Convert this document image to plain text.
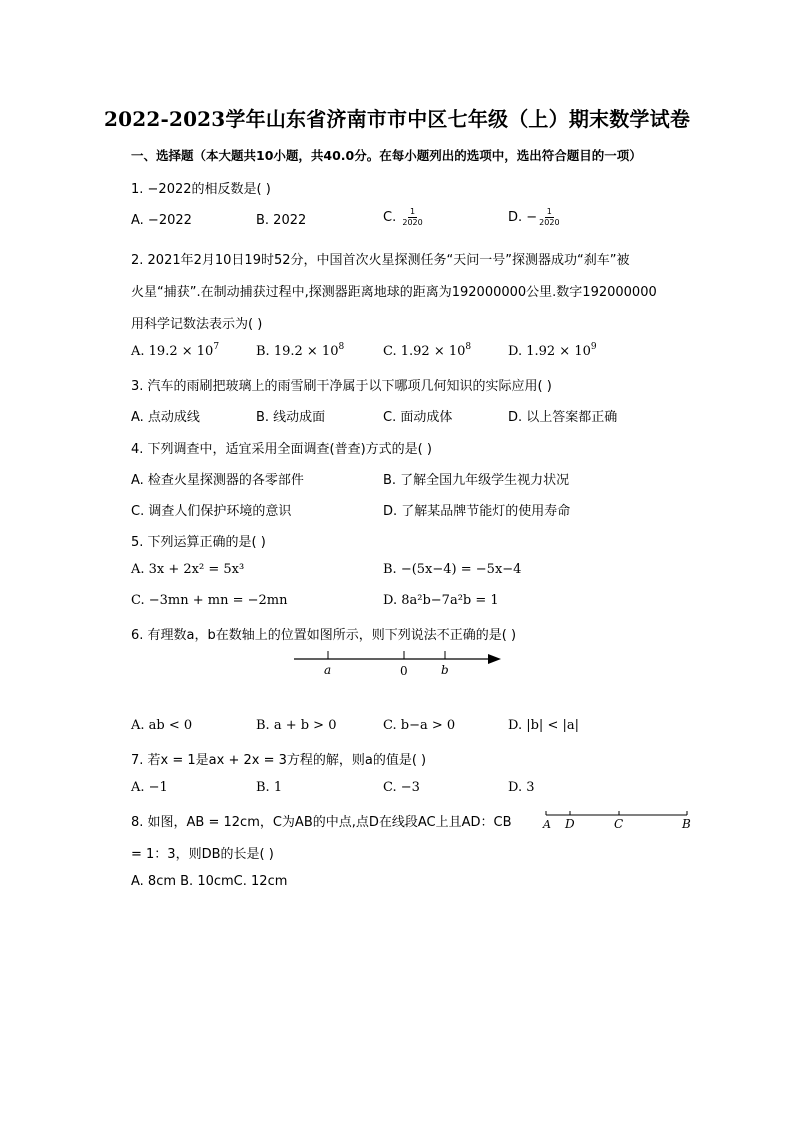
2022-2023学年山东省济南市市中区七年级（上）期末数学试卷
一、选择题（本大题共10小题，共40.0分。在每小题列出的选项中，选出符合题目的一项）
1. −2022的相反数是( )
A. −2022	B. 2022	C. $\frac{1}{2020}$	D. − $\frac{1}{2020}$
2. 2021年2月10日19时52分，中国首次火星探测任务“天问一号”探测器成功“刹车”被
火星“捕获”.在制动捕获过程中,探测器距离地球的距离为192000000公里.数字192000000
用科学记数法表示为( )
A. $19.2 \times 10^7$	B. $19.2 \times 10^8$	C. $1.92 \times 10^8$	D. $1.92 \times 10^9$
3. 汽车的雨刷把玻璃上的雨雪刷干净属于以下哪项几何知识的实际应用( )
A. 点动成线	B. 线动成面	C. 面动成体	D. 以上答案都正确
4. 下列调查中，适宜采用全面调查(普查)方式的是( )
A. 检查火星探测器的各零部件	B. 了解全国九年级学生视力状况
C. 调查人们保护环境的意识	D. 了解某品牌节能灯的使用寿命
5. 下列运算正确的是( )
A. 3x + 2x² = 5x³	B. −(5x−4) = −5x−4
C. −3mn + mn = −2mn	D. 8a²b−7a²b = 1
6. 有理数a，b在数轴上的位置如图所示，则下列说法不正确的是( )
a	0	b
A. ab < 0	B. a + b > 0	C. b−a > 0	D. |b| < |a|
7. 若x = 1是ax + 2x = 3方程的解，则a的值是( )
A. −1	B. 1	C. −3	D. 3
8. 如图，AB = 12cm，C为AB的中点,点D在线段AC上且AD：CB	A D	C	B
= 1：3，则DB的长是( )
A. 8cm B. 10cmC. 12cm
